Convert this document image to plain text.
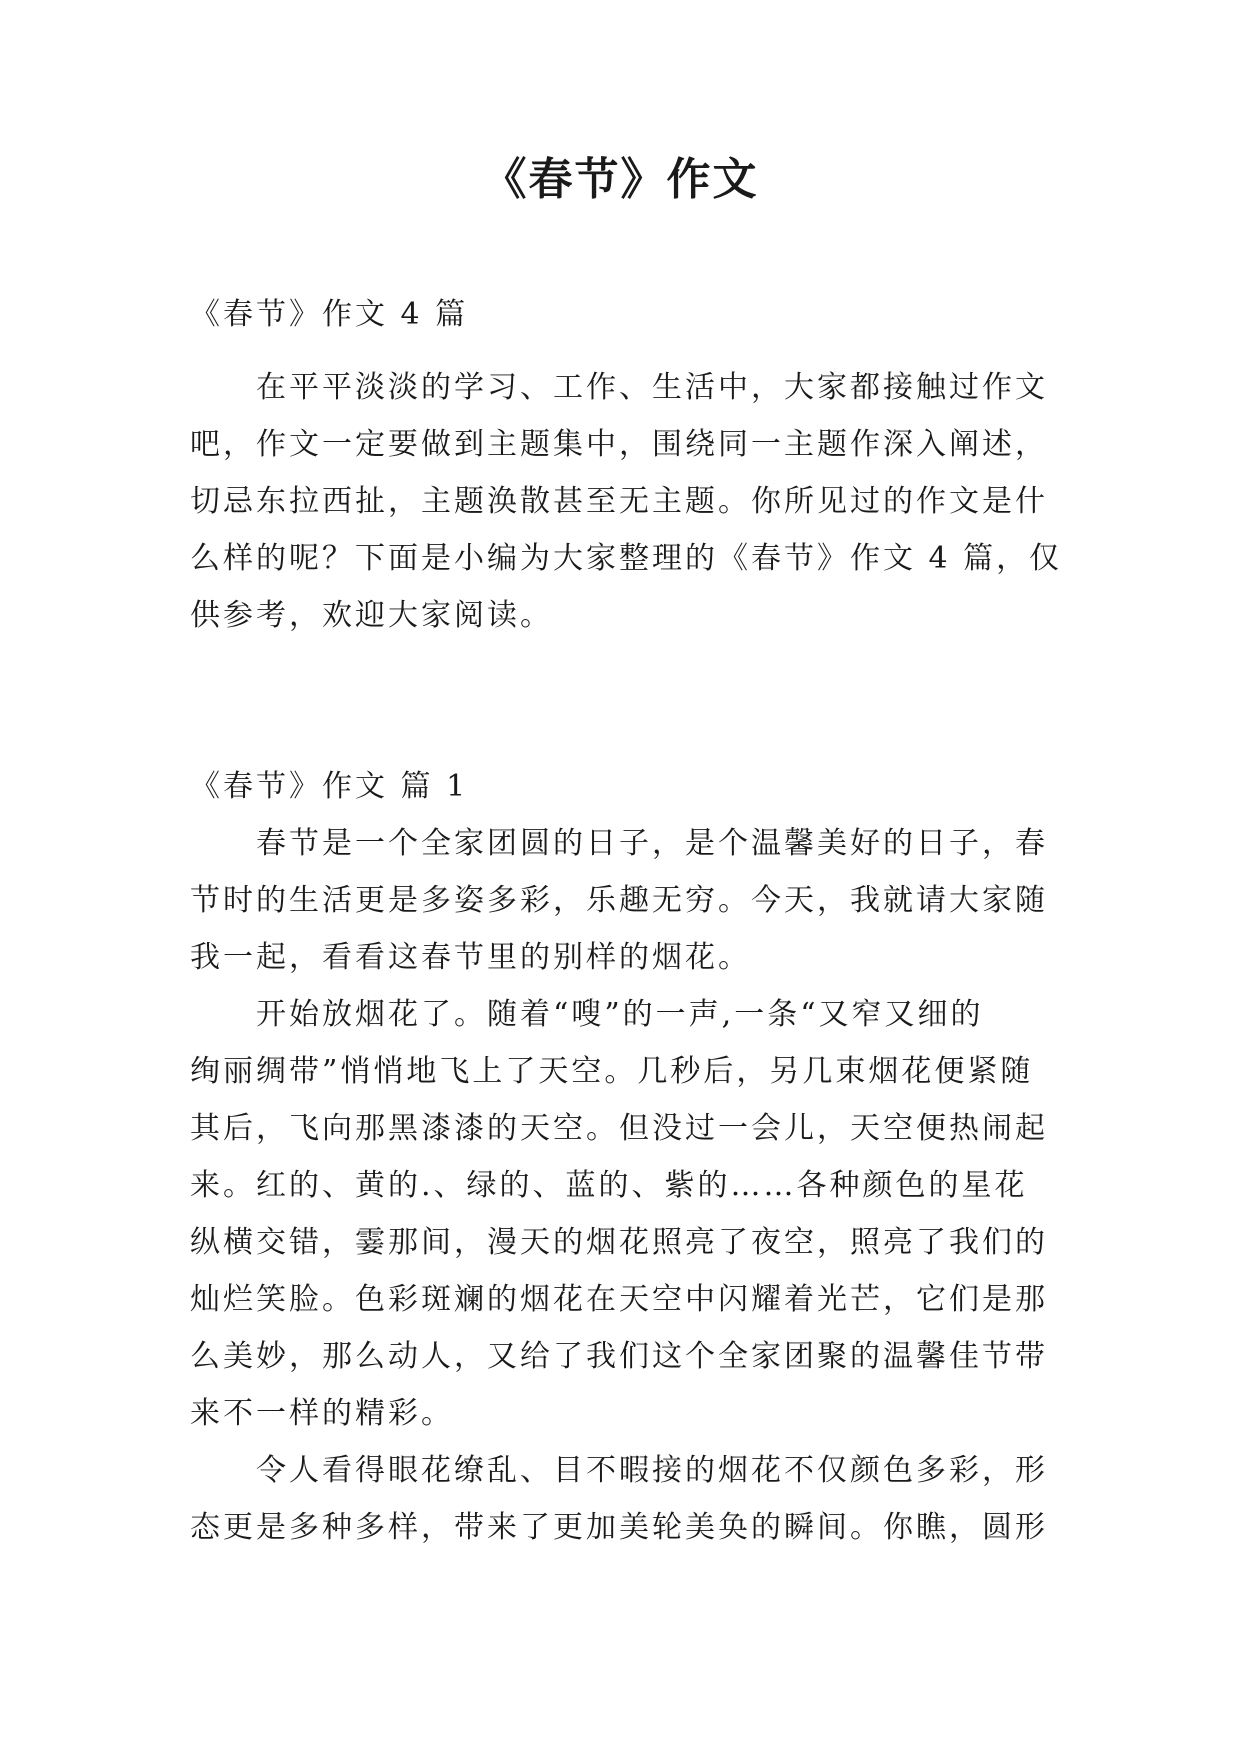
《春节》作文
《春节》作文 4 篇
在平平淡淡的学习、工作、生活中，大家都接触过作文
吧，作文一定要做到主题集中，围绕同一主题作深入阐述，
切忌东拉西扯，主题涣散甚至无主题。你所见过的作文是什
么样的呢？下面是小编为大家整理的《春节》作文 4 篇，仅
供参考，欢迎大家阅读。
《春节》作文 篇 1
春节是一个全家团圆的日子，是个温馨美好的日子，春
节时的生活更是多姿多彩，乐趣无穷。今天，我就请大家随
我一起，看看这春节里的别样的烟花。
开始放烟花了。随着“嗖”的一声,一条“又窄又细的
绚丽绸带”悄悄地飞上了天空。几秒后，另几束烟花便紧随
其后，飞向那黑漆漆的天空。但没过一会儿，天空便热闹起
来。红的、黄的.、绿的、蓝的、紫的……各种颜色的星花
纵横交错，霎那间，漫天的烟花照亮了夜空，照亮了我们的
灿烂笑脸。色彩斑斓的烟花在天空中闪耀着光芒，它们是那
么美妙，那么动人，又给了我们这个全家团聚的温馨佳节带
来不一样的精彩。
令人看得眼花缭乱、目不暇接的烟花不仅颜色多彩，形
态更是多种多样，带来了更加美轮美奂的瞬间。你瞧，圆形
